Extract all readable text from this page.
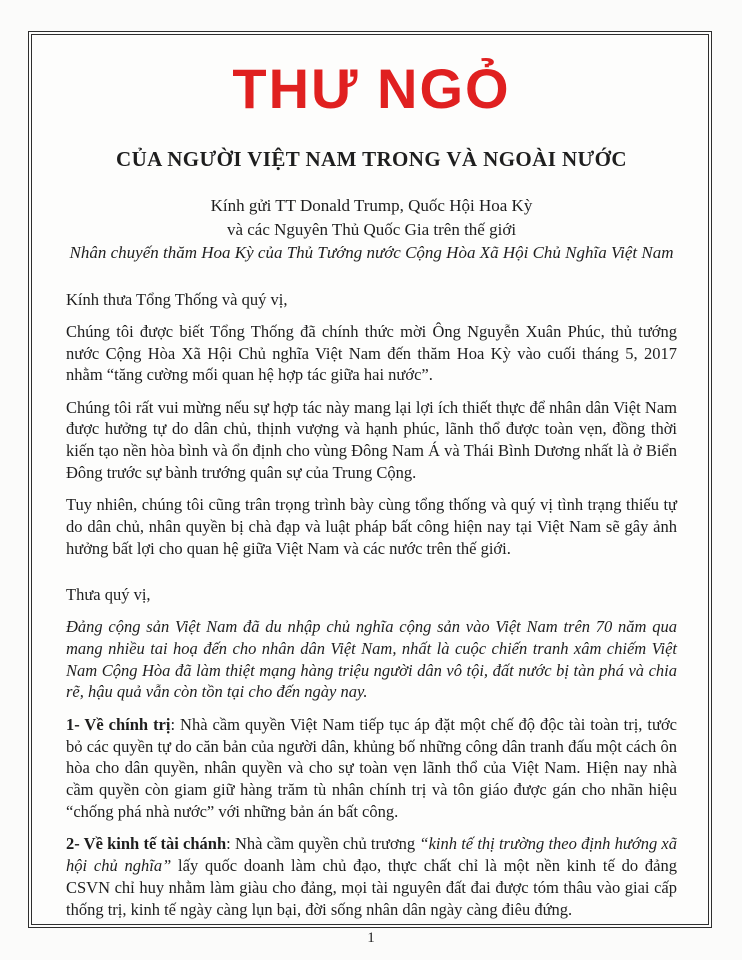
THƯ NGỎ
CỦA NGƯỜI VIỆT NAM TRONG VÀ NGOÀI NƯỚC
Kính gửi TT Donald Trump, Quốc Hội Hoa Kỳ
và các Nguyên Thủ Quốc Gia trên thế giới
Nhân chuyến thăm Hoa Kỳ của Thủ Tướng nước Cộng Hòa Xã Hội Chủ Nghĩa Việt Nam

Kính thưa Tổng Thống và quý vị,

Chúng tôi được biết Tổng Thống đã chính thức mời Ông Nguyễn Xuân Phúc, thủ tướng nước Cộng Hòa Xã Hội Chủ nghĩa Việt Nam đến thăm Hoa Kỳ vào cuối tháng 5, 2017 nhằm “tăng cường mối quan hệ hợp tác giữa hai nước”.

Chúng tôi rất vui mừng nếu sự hợp tác này mang lại lợi ích thiết thực để nhân dân Việt Nam được hưởng tự do dân chủ, thịnh vượng và hạnh phúc, lãnh thổ được toàn vẹn, đồng thời kiến tạo nền hòa bình và ổn định cho vùng Đông Nam Á và Thái Bình Dương nhất là ở Biển Đông trước sự bành trướng quân sự của Trung Cộng.

Tuy nhiên, chúng tôi cũng trân trọng trình bày cùng tổng thống và quý vị tình trạng thiếu tự do dân chủ, nhân quyền bị chà đạp và luật pháp bất công hiện nay tại Việt Nam sẽ gây ảnh hưởng bất lợi cho quan hệ giữa Việt Nam và các nước trên thế giới.

Thưa quý vị,

Đảng cộng sản Việt Nam đã du nhập chủ nghĩa cộng sản vào Việt Nam trên 70 năm qua mang nhiều tai hoạ đến cho nhân dân Việt Nam, nhất là cuộc chiến tranh xâm chiếm Việt Nam Cộng Hòa đã làm thiệt mạng hàng triệu người dân vô tội, đất nước bị tàn phá và chia rẽ, hậu quả vẫn còn tồn tại cho đến ngày nay.

1- Về chính trị: Nhà cầm quyền Việt Nam tiếp tục áp đặt một chế độ độc tài toàn trị, tước bỏ các quyền tự do căn bản của người dân, khủng bố những công dân tranh đấu một cách ôn hòa cho dân quyền, nhân quyền và cho sự toàn vẹn lãnh thổ của Việt Nam. Hiện nay nhà cầm quyền còn giam giữ hàng trăm tù nhân chính trị và tôn giáo được gán cho nhãn hiệu “chống phá nhà nước” với những bản án bất công.

2- Về kinh tế tài chánh: Nhà cầm quyền chủ trương “kinh tế thị trường theo định hướng xã hội chủ nghĩa” lấy quốc doanh làm chủ đạo, thực chất chỉ là một nền kinh tế do đảng CSVN chỉ huy nhằm làm giàu cho đảng, mọi tài nguyên đất đai được tóm thâu vào giai cấp thống trị, kinh tế ngày càng lụn bại, đời sống nhân dân ngày càng điêu đứng.

1
